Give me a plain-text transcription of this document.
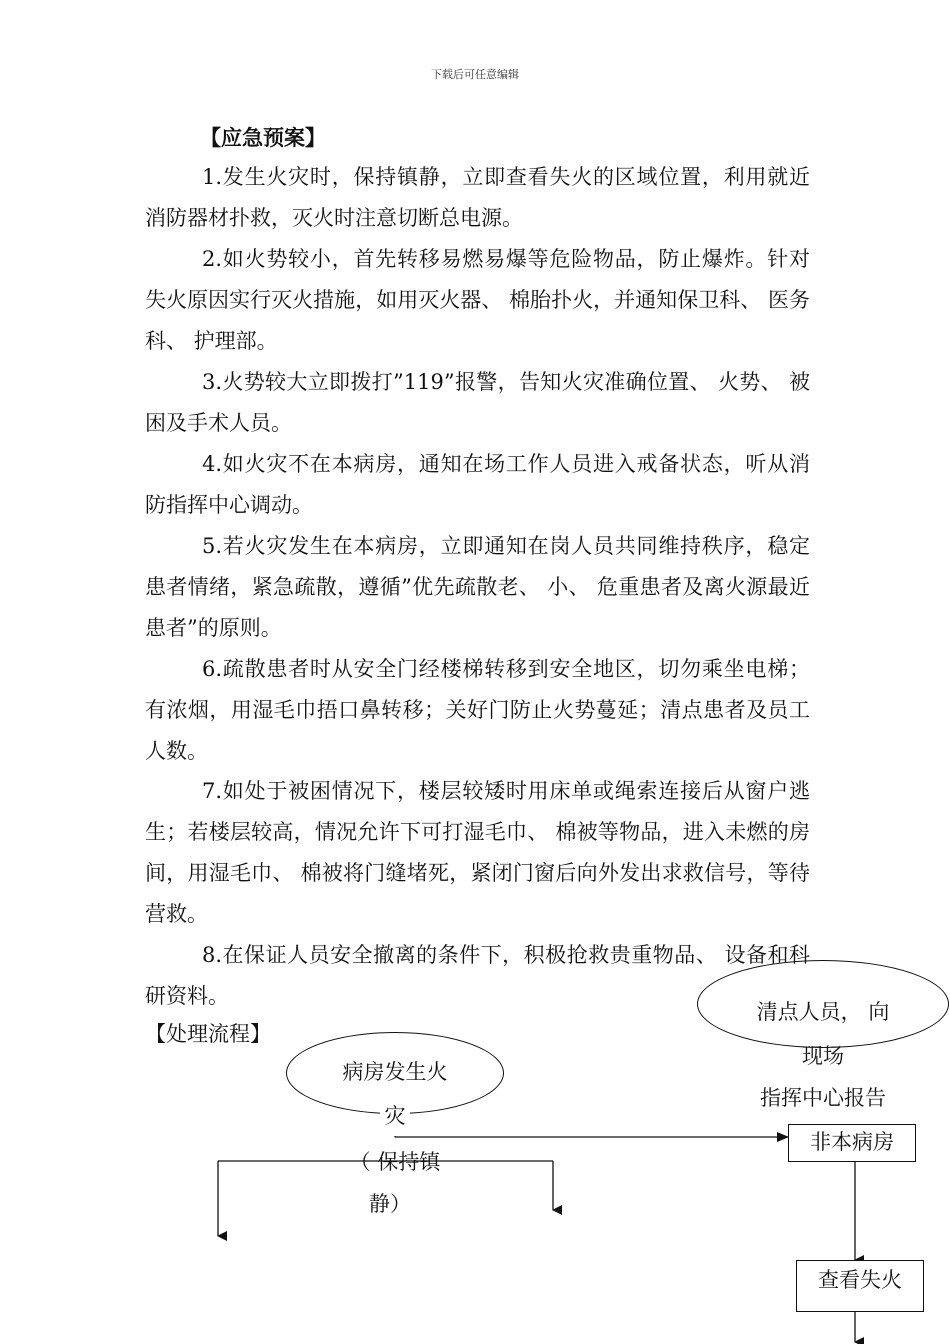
下载后可任意编辑
【应急预案】

1.发生火灾时，保持镇静，立即查看失火的区域位置，利用就近消防器材扑救，灭火时注意切断总电源。

2.如火势较小，首先转移易燃易爆等危险物品，防止爆炸。针对失火原因实行灭火措施，如用灭火器、 棉胎扑火，并通知保卫科、 医务科、 护理部。

3.火势较大立即拨打”119”报警，告知火灾准确位置、 火势、 被困及手术人员。

4.如火灾不在本病房，通知在场工作人员进入戒备状态，听从消防指挥中心调动。

5.若火灾发生在本病房，立即通知在岗人员共同维持秩序，稳定患者情绪，紧急疏散，遵循”优先疏散老、 小、 危重患者及离火源最近患者”的原则。

6.疏散患者时从安全门经楼梯转移到安全地区，切勿乘坐电梯；有浓烟，用湿毛巾捂口鼻转移；关好门防止火势蔓延；清点患者及员工人数。

7.如处于被困情况下，楼层较矮时用床单或绳索连接后从窗户逃生；若楼层较高，情况允许下可打湿毛巾、 棉被等物品，进入未燃的房间，用湿毛巾、 棉被将门缝堵死，紧闭门窗后向外发出求救信号，等待营救。

8.在保证人员安全撤离的条件下，积极抢救贵重物品、 设备和科研资料。

【处理流程】
病房发生火
灾
（ 保持镇
静）
清点人员， 向
现场
指挥中心报告
非本病房
查看失火
